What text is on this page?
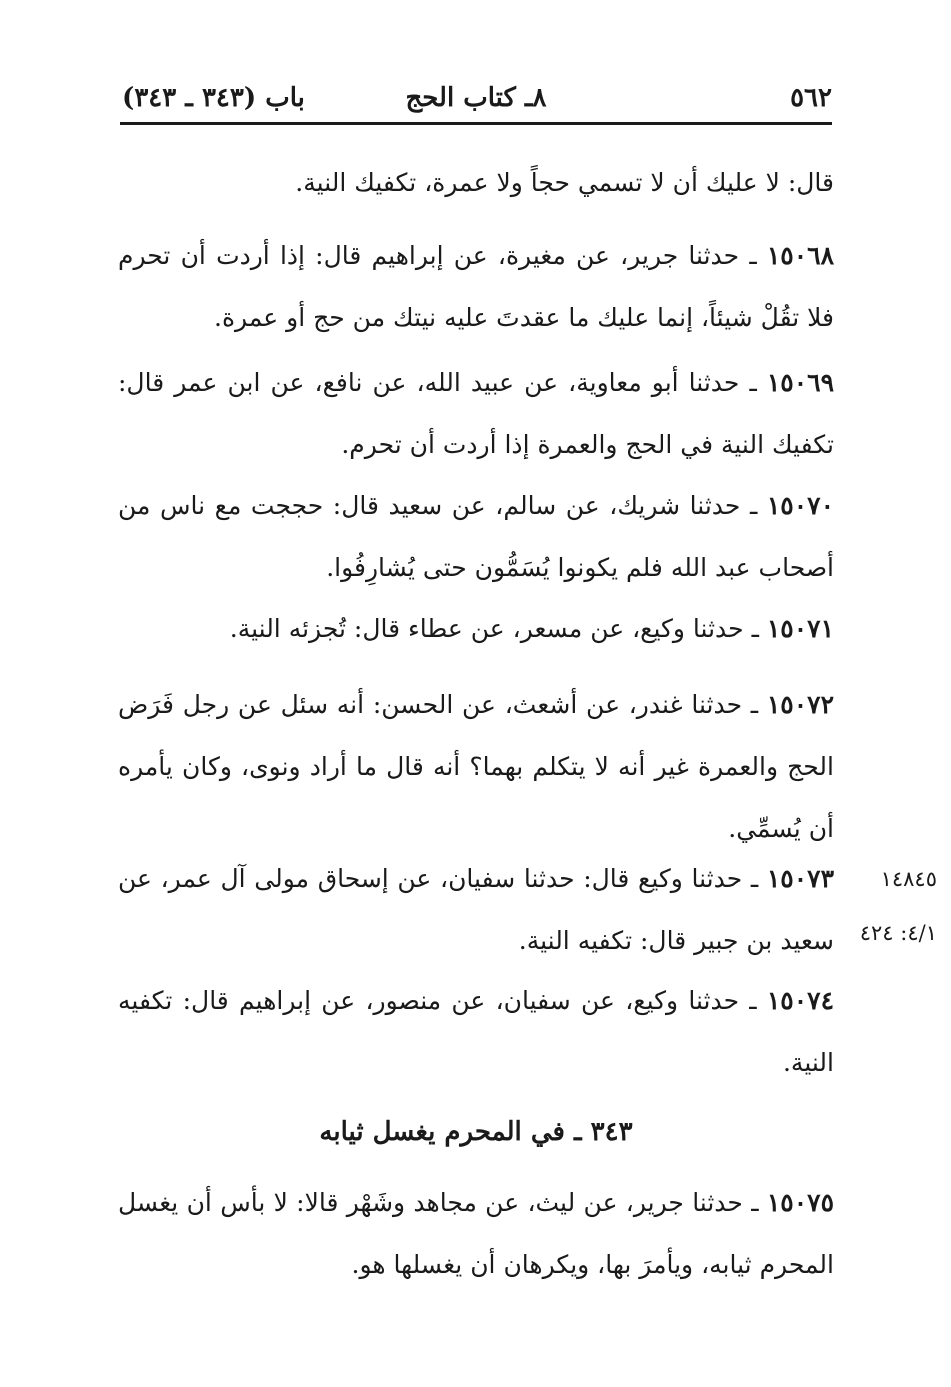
٥٦٢
٨ـ كتاب الحج
باب (٣٤٣ ـ ٣٤٣)

قال: لا عليك أن لا تسمي حجاً ولا عمرة، تكفيك النية.

١٥٠٦٨ ـ حدثنا جرير، عن مغيرة، عن إبراهيم قال: إذا أردت أن تحرم فلا تقُلْ شيئاً، إنما عليك ما عقدتَ عليه نيتك من حج أو عمرة.

١٥٠٦٩ ـ حدثنا أبو معاوية، عن عبيد الله، عن نافع، عن ابن عمر قال: تكفيك النية في الحج والعمرة إذا أردت أن تحرم.

١٥٠٧٠ ـ حدثنا شريك، عن سالم، عن سعيد قال: حججت مع ناس من أصحاب عبد الله فلم يكونوا يُسَمُّون حتى يُشارِفُوا.

١٥٠٧١ ـ حدثنا وكيع، عن مسعر، عن عطاء قال: تُجزئه النية.

١٥٠٧٢ ـ حدثنا غندر، عن أشعث، عن الحسن: أنه سئل عن رجل فَرَض الحج والعمرة غير أنه لا يتكلم بهما؟ أنه قال ما أراد ونوى، وكان يأمره أن يُسمِّي.

١٥٠٧٣ ـ حدثنا وكيع قال: حدثنا سفيان، عن إسحاق مولى آل عمر، عن سعيد بن جبير قال: تكفيه النية.

١٤٨٤٥
٤/١: ٤٢٤

١٥٠٧٤ ـ حدثنا وكيع، عن سفيان، عن منصور، عن إبراهيم قال: تكفيه النية.

٣٤٣ ـ في المحرم يغسل ثيابه

١٥٠٧٥ ـ حدثنا جرير، عن ليث، عن مجاهد وشَهْر قالا: لا بأس أن يغسل المحرم ثيابه، ويأمرَ بها، ويكرهان أن يغسلها هو.
